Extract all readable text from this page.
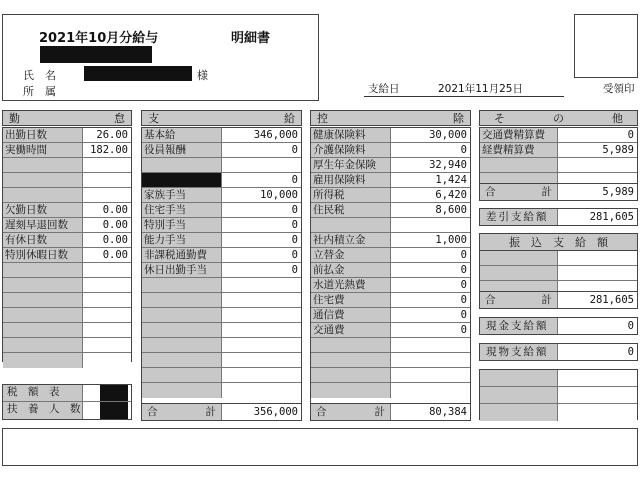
2021年10月分給与	明細書
氏　名	様
所　属	支給日	2021年11月25日	受領印
勤	怠
出勤日数	26.00
実働時間	182.00
欠勤日数	0.00
遅刻早退回数	0.00
有休日数	0.00
特別休暇日数	0.00
税　額　表
扶　養　人　数
支	給
基本給	346,000
役員報酬	0
0
家族手当	10,000
住宅手当	0
特別手当	0
能力手当	0
非課税通勤費	0
休日出勤手当	0
合	計	356,000
控	除
健康保険料	30,000
介護保険料	0
厚生年金保険	32,940
雇用保険料	1,424
所得税	6,420
住民税	8,600
社内積立金	1,000
立替金	0
前払金	0
水道光熱費	0
住宅費	0
通信費	0
交通費	0
合	計	80,384
そ	の	他
交通費精算費	0
経費精算費	5,989
合	計	5,989
差引支給額	281,605
振　込　支　給　額
合	計	281,605
現金支給額	0
現物支給額	0
